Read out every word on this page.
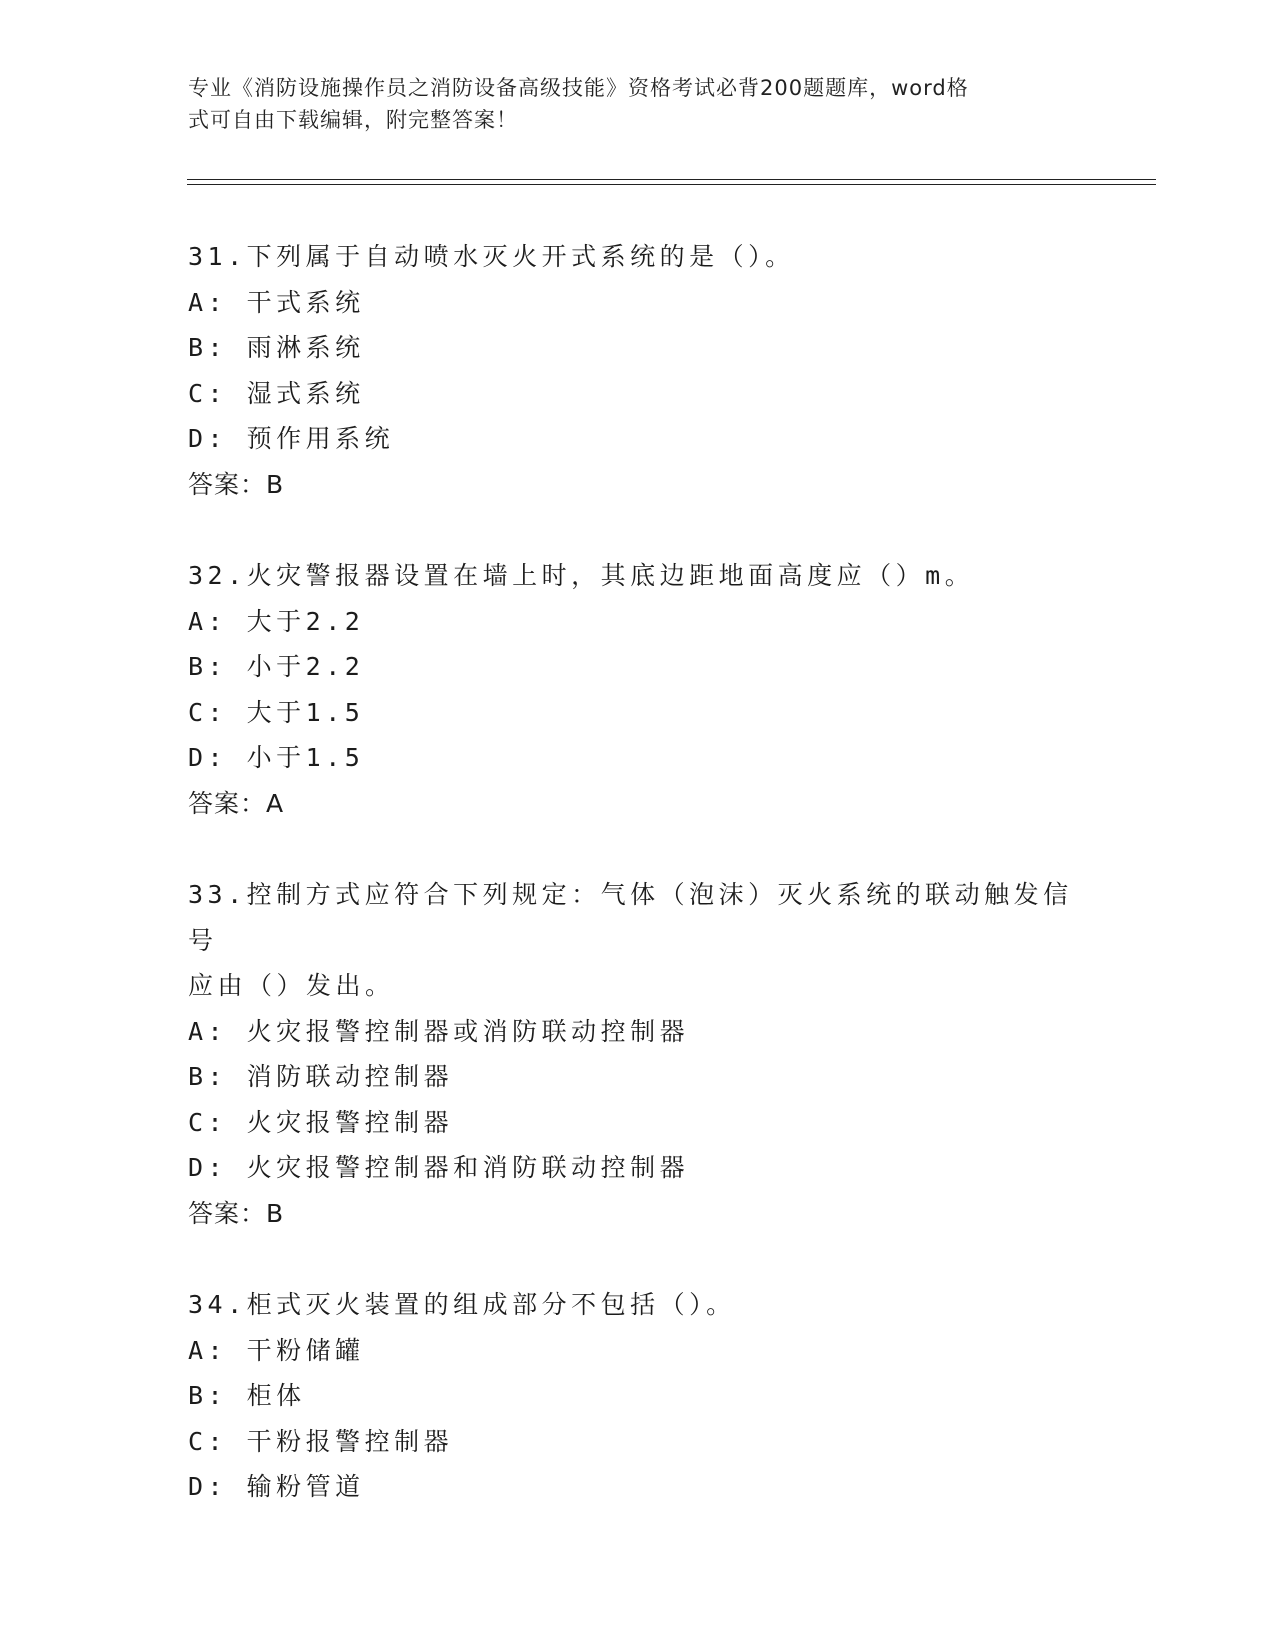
专业《消防设施操作员之消防设备高级技能》资格考试必背200题题库，word格
式可自由下载编辑，附完整答案！
31.下列属于自动喷水灭火开式系统的是（）。
A: 干式系统
B: 雨淋系统
C: 湿式系统
D: 预作用系统
答案：B
32.火灾警报器设置在墙上时，其底边距地面高度应（）m。
A: 大于2.2
B: 小于2.2
C: 大于1.5
D: 小于1.5
答案：A
33.控制方式应符合下列规定：气体（泡沫）灭火系统的联动触发信号
应由（）发出。
A: 火灾报警控制器或消防联动控制器
B: 消防联动控制器
C: 火灾报警控制器
D: 火灾报警控制器和消防联动控制器
答案：B
34.柜式灭火装置的组成部分不包括（）。
A: 干粉储罐
B: 柜体
C: 干粉报警控制器
D: 输粉管道
